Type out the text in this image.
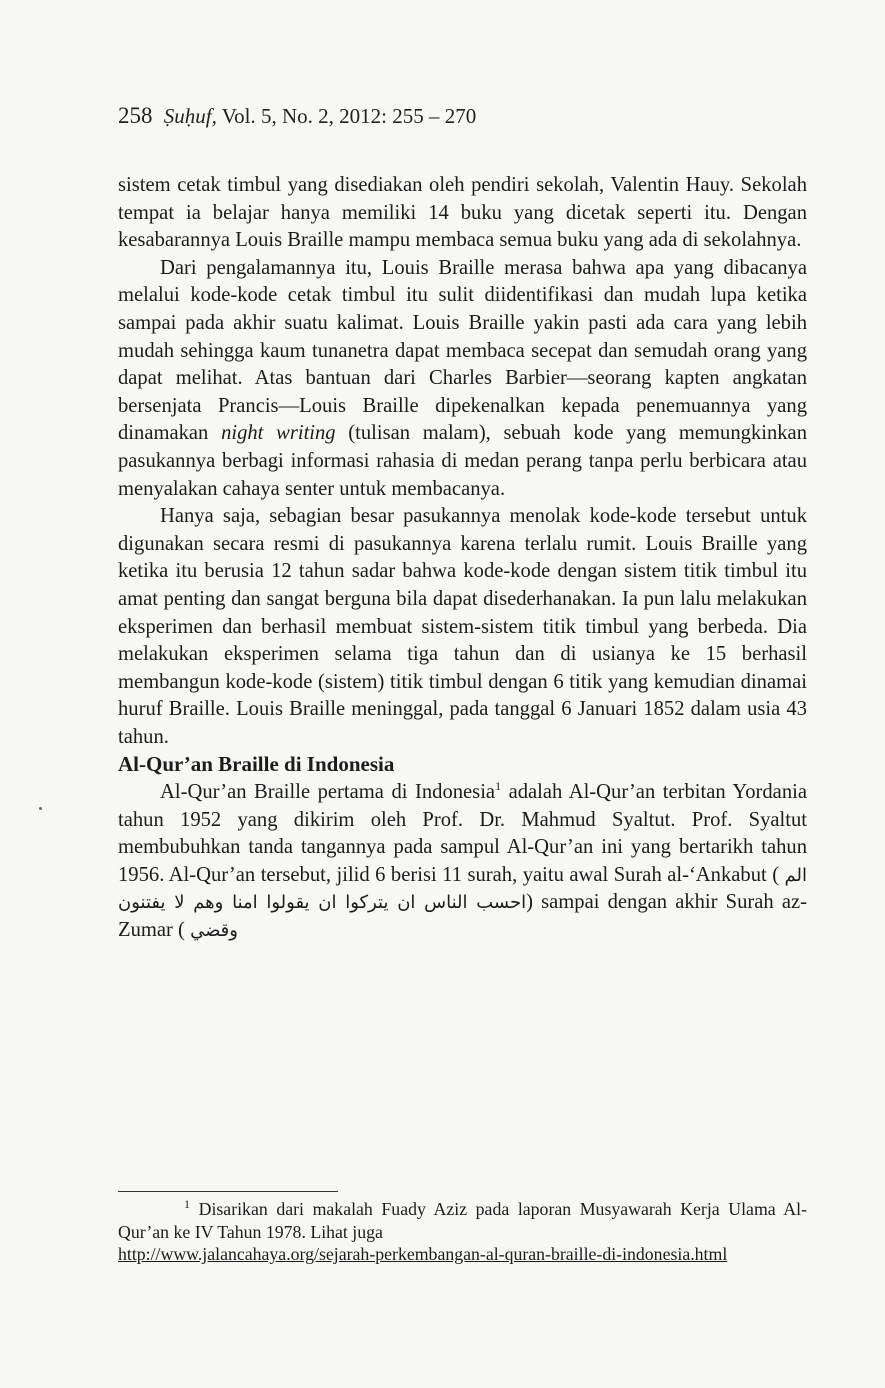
258 Ṣuḥuf, Vol. 5, No. 2, 2012: 255 – 270

sistem cetak timbul yang disediakan oleh pendiri sekolah, Valentin Hauy. Sekolah tempat ia belajar hanya memiliki 14 buku yang dicetak seperti itu. Dengan kesabarannya Louis Braille mampu membaca semua buku yang ada di sekolahnya.

Dari pengalamannya itu, Louis Braille merasa bahwa apa yang dibacanya melalui kode-kode cetak timbul itu sulit diidentifikasi dan mudah lupa ketika sampai pada akhir suatu kalimat. Louis Braille yakin pasti ada cara yang lebih mudah sehingga kaum tunanetra dapat membaca secepat dan semudah orang yang dapat melihat. Atas bantuan dari Charles Barbier—seorang kapten angkatan bersenjata Prancis—Louis Braille dipekenalkan kepada penemuannya yang dinamakan night writing (tulisan malam), sebuah kode yang memungkinkan pasukannya berbagi informasi rahasia di medan perang tanpa perlu berbicara atau menyalakan cahaya senter untuk membacanya.

Hanya saja, sebagian besar pasukannya menolak kode-kode tersebut untuk digunakan secara resmi di pasukannya karena terlalu rumit. Louis Braille yang ketika itu berusia 12 tahun sadar bahwa kode-kode dengan sistem titik timbul itu amat penting dan sangat berguna bila dapat disederhanakan. Ia pun lalu melakukan eksperimen dan berhasil membuat sistem-sistem titik timbul yang berbeda. Dia melakukan eksperimen selama tiga tahun dan di usianya ke 15 berhasil membangun kode-kode (sistem) titik timbul dengan 6 titik yang kemudian dinamai huruf Braille. Louis Braille meninggal, pada tanggal 6 Januari 1852 dalam usia 43 tahun.

Al-Qur’an Braille di Indonesia

Al-Qur’an Braille pertama di Indonesia$^1$ adalah Al-Qur’an terbitan Yordania tahun 1952 yang dikirim oleh Prof. Dr. Mahmud Syaltut. Prof. Syaltut membubuhkan tanda tangannya pada sampul Al-Qur’an ini yang bertarikh tahun 1956. Al-Qur’an tersebut, jilid 6 berisi 11 surah, yaitu awal Surah al-‘Ankabut ( الم احسب الناس ان يتركوا ان يقولوا امنا وهم لا يفتنون) sampai dengan akhir Surah az-Zumar ( وقضي

$^1$ Disarikan dari makalah Fuady Aziz pada laporan Musyawarah Kerja Ulama Al-Qur’an ke IV Tahun 1978. Lihat juga
http://www.jalancahaya.org/sejarah-perkembangan-al-quran-braille-di-indonesia.html
